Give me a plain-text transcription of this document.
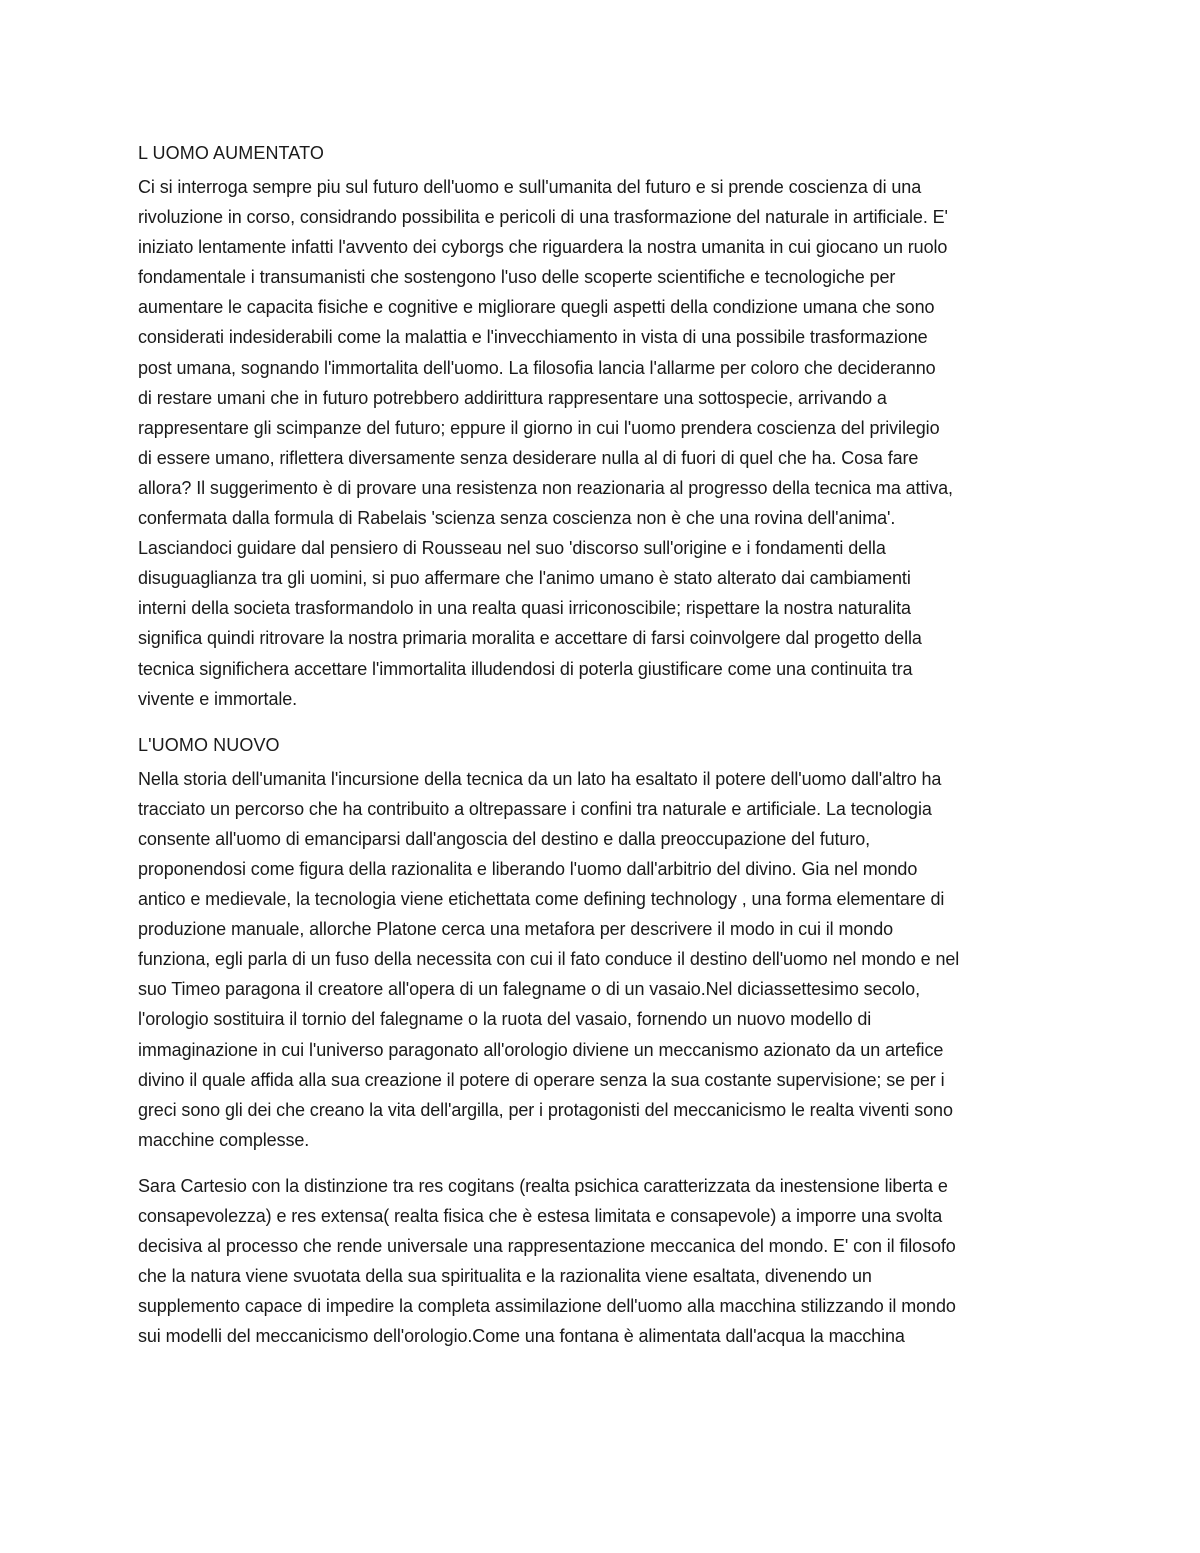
L UOMO AUMENTATO
Ci si interroga sempre piu sul futuro dell'uomo e sull'umanita del futuro e si prende coscienza di una
rivoluzione in corso, considrando possibilita e pericoli di una trasformazione del naturale in artificiale. E'
iniziato lentamente infatti l'avvento dei cyborgs che riguardera la nostra umanita in cui giocano un ruolo
fondamentale i transumanisti che sostengono l'uso delle scoperte scientifiche e tecnologiche per
aumentare le capacita fisiche e cognitive e migliorare quegli aspetti della condizione umana che sono
considerati indesiderabili come la malattia e l'invecchiamento in vista di una possibile trasformazione
post umana, sognando l'immortalita dell'uomo. La filosofia lancia l'allarme per coloro che decideranno
di restare umani che in futuro potrebbero addirittura rappresentare una sottospecie, arrivando a
rappresentare gli scimpanze del futuro; eppure il giorno in cui l'uomo prendera coscienza del privilegio
di essere umano, riflettera diversamente senza desiderare nulla al di fuori di quel che ha. Cosa fare
allora? Il suggerimento è di provare una resistenza non reazionaria al progresso della tecnica ma attiva,
confermata dalla formula di Rabelais 'scienza senza coscienza non è che una rovina dell'anima'.
Lasciandoci guidare dal pensiero di Rousseau nel suo 'discorso sull'origine e i fondamenti della
disuguaglianza tra gli uomini, si puo affermare che l'animo umano è stato alterato dai cambiamenti
interni della societa trasformandolo in una realta quasi irriconoscibile; rispettare la nostra naturalita
significa quindi ritrovare la nostra primaria moralita e accettare di farsi coinvolgere dal progetto della
tecnica significhera accettare l'immortalita illudendosi di poterla giustificare come una continuita tra
vivente e immortale.
L'UOMO NUOVO
Nella storia dell'umanita l'incursione della tecnica da un lato ha esaltato il potere dell'uomo dall'altro ha
tracciato un percorso che ha contribuito a oltrepassare i confini tra naturale e artificiale. La tecnologia
consente all'uomo di emanciparsi dall'angoscia del destino e dalla preoccupazione del futuro,
proponendosi come figura della razionalita e liberando l'uomo dall'arbitrio del divino. Gia nel mondo
antico e medievale, la tecnologia viene etichettata come defining technology , una forma elementare di
produzione manuale, allorche Platone cerca una metafora per descrivere il modo in cui il mondo
funziona, egli parla di un fuso della necessita con cui il fato conduce il destino dell'uomo nel mondo e nel
suo Timeo paragona il creatore all'opera di un falegname o di un vasaio.Nel diciassettesimo secolo,
l'orologio sostituira il tornio del falegname o la ruota del vasaio, fornendo un nuovo modello di
immaginazione in cui l'universo paragonato all'orologio diviene un meccanismo azionato da un artefice
divino il quale affida alla sua creazione il potere di operare senza la sua costante supervisione; se per i
greci sono gli dei che creano la vita dell'argilla, per i protagonisti del meccanicismo le realta viventi sono
macchine complesse.
Sara Cartesio con la distinzione tra res cogitans (realta psichica caratterizzata da inestensione liberta e
consapevolezza) e res extensa( realta fisica che è estesa limitata e consapevole) a imporre una svolta
decisiva al processo che rende universale una rappresentazione meccanica del mondo. E' con il filosofo
che la natura viene svuotata della sua spiritualita e la razionalita viene esaltata, divenendo un
supplemento capace di impedire la completa assimilazione dell'uomo alla macchina stilizzando il mondo
sui modelli del meccanicismo dell'orologio.Come una fontana è alimentata dall'acqua la macchina
